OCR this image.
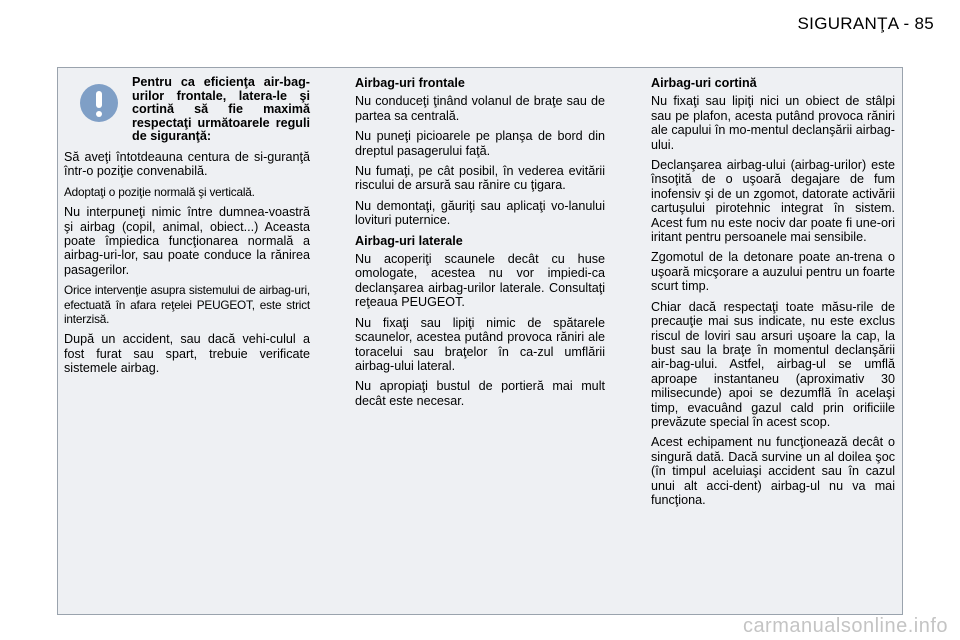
SIGURANŢA - 85
Pentru ca eficienţa air-bag-urilor frontale, latera-le şi cortină să fie maximă respectaţi următoarele reguli de siguranţă:

Să aveţi întotdeauna centura de si-guranţă într-o poziţie convenabilă.

Adoptaţi o poziţie normală şi verticală.

Nu interpuneţi nimic între dumnea-voastră şi airbag (copil, animal, obiect...) Aceasta poate împiedica funcţionarea normală a airbag-uri-lor, sau poate conduce la rănirea pasagerilor.

Orice intervenţie asupra sistemului de airbag-uri, efectuată în afara reţelei PEUGEOT, este strict interzisă.

După un accident, sau dacă vehi-culul a fost furat sau spart, trebuie verificate sistemele airbag.

Airbag-uri frontale

Nu conduceţi ţinând volanul de braţe sau de partea sa centrală.

Nu puneţi picioarele pe planşa de bord din dreptul pasagerului faţă.

Nu fumaţi, pe cât posibil, în vederea evitării riscului de arsură sau rănire cu ţigara.

Nu demontaţi, găuriţi sau aplicaţi vo-lanului lovituri puternice.

Airbag-uri laterale

Nu acoperiţi scaunele decât cu huse omologate, acestea nu vor impiedi-ca declanşarea airbag-urilor laterale. Consultaţi reţeaua PEUGEOT.

Nu fixaţi sau lipiţi nimic de spătarele scaunelor, acestea putând provoca răniri ale toracelui sau braţelor în ca-zul umflării airbag-ului lateral.

Nu apropiaţi bustul de portieră mai mult decât este necesar.

Airbag-uri cortină

Nu fixaţi sau lipiţi nici un obiect de stâlpi sau pe plafon, acesta putând provoca răniri ale capului în mo-mentul declanşării airbag-ului.

Declanşarea airbag-ului (airbag-urilor) este însoţită de o uşoară degajare de fum inofensiv şi de un zgomot, datorate activării cartuşului pirotehnic integrat în sistem. Acest fum nu este nociv dar poate fi une-ori iritant pentru persoanele mai sensibile.

Zgomotul de la detonare poate an-trena o uşoară micşorare a auzului pentru un foarte scurt timp.

Chiar dacă respectaţi toate măsu-rile de precauţie mai sus indicate, nu este exclus riscul de loviri sau arsuri uşoare la cap, la bust sau la braţe în momentul declanşării air-bag-ului. Astfel, airbag-ul se umflă aproape instantaneu (aproximativ 30 milisecunde) apoi se dezumflă în acelaşi timp, evacuând gazul cald prin orificiile prevăzute special în acest scop.

Acest echipament nu funcţionează decât o singură dată. Dacă survine un al doilea şoc (în timpul aceluiaşi accident sau în cazul unui alt acci-dent) airbag-ul nu va mai funcţiona.

carmanualsonline.info
